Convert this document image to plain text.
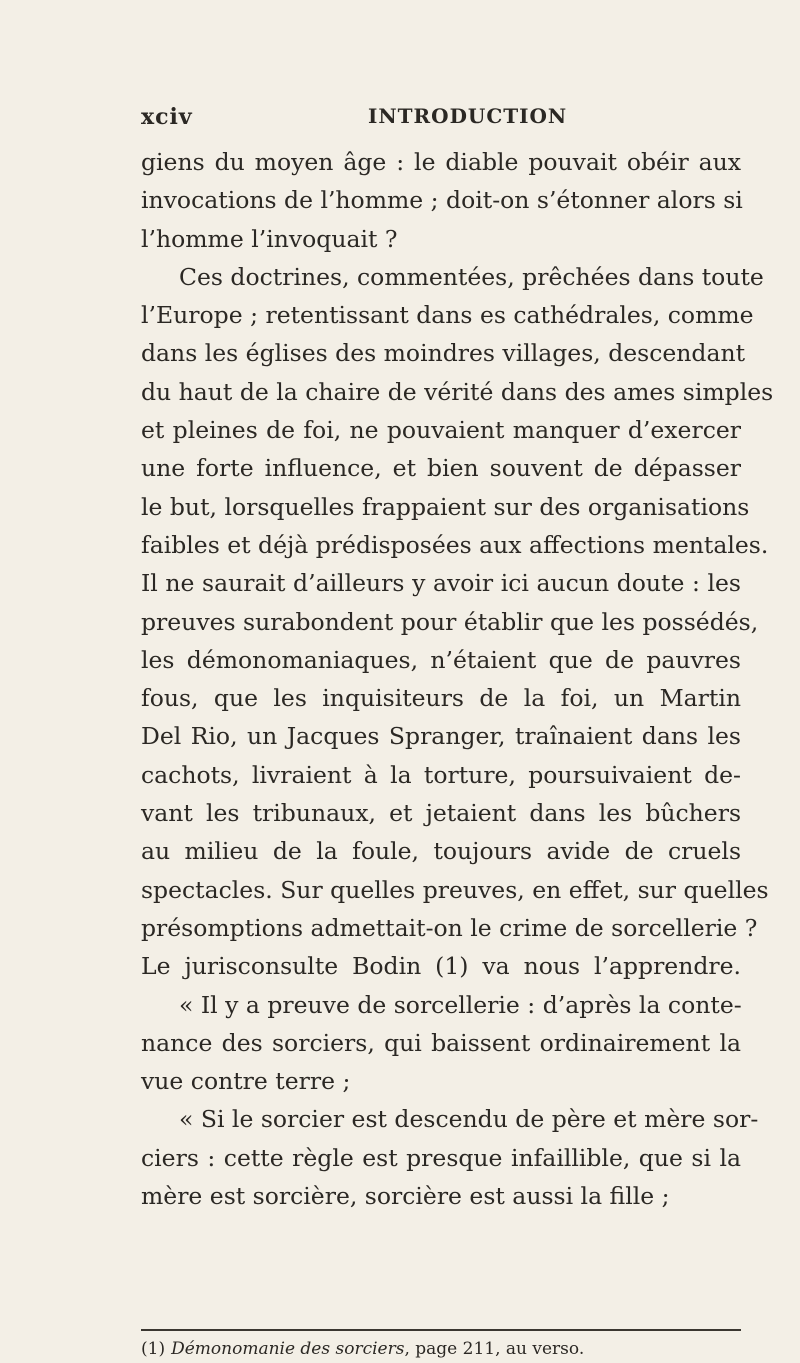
xciv	INTRODUCTION
giens du moyen âge : le diable pouvait obéir aux
invocations de l’homme ; doit-on s’étonner alors si
l’homme l’invoquait ?
Ces doctrines, commentées, prêchées dans toute
l’Europe ; retentissant dans es cathédrales, comme
dans les églises des moindres villages, descendant
du haut de la chaire de vérité dans des ames simples
et pleines de foi, ne pouvaient manquer d’exercer
une forte influence, et bien souvent de dépasser
le but, lorsquelles frappaient sur des organisations
faibles et déjà prédisposées aux affections mentales.
Il ne saurait d’ailleurs y avoir ici aucun doute : les
preuves surabondent pour établir que les possédés,
les démonomaniaques, n’étaient que de pauvres
fous, que les inquisiteurs de la foi, un Martin
Del Rio, un Jacques Spranger, traînaient dans les
cachots, livraient à la torture, poursuivaient de-
vant les tribunaux, et jetaient dans les bûchers
au milieu de la foule, toujours avide de cruels
spectacles. Sur quelles preuves, en effet, sur quelles
présomptions admettait-on le crime de sorcellerie ?
Le jurisconsulte Bodin (1) va nous l’apprendre.
« Il y a preuve de sorcellerie : d’après la conte-
nance des sorciers, qui baissent ordinairement la
vue contre terre ;
« Si le sorcier est descendu de père et mère sor-
ciers : cette règle est presque infaillible, que si la
mère est sorcière, sorcière est aussi la fille ;
(1) Démonomanie des sorciers, page 211, au verso.
